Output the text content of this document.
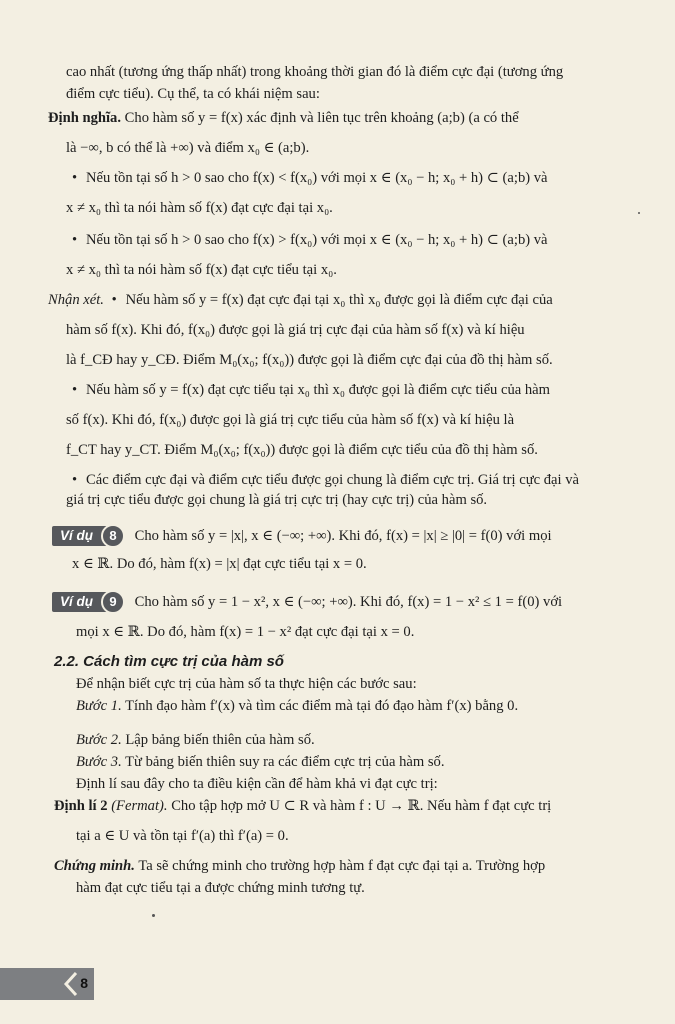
cao nhất (tương ứng thấp nhất) trong khoảng thời gian đó là điểm cực đại (tương ứng
điểm cực tiểu). Cụ thể, ta có khái niệm sau:
Định nghĩa. Cho hàm số y = f(x) xác định và liên tục trên khoảng (a;b) (a có thể
là −∞, b có thể là +∞) và điểm x₀ ∈ (a;b).
• Nếu tồn tại số h > 0 sao cho f(x) < f(x₀) với mọi x ∈ (x₀ − h; x₀ + h) ⊂ (a;b) và
x ≠ x₀ thì ta nói hàm số f(x) đạt cực đại tại x₀.
• Nếu tồn tại số h > 0 sao cho f(x) > f(x₀) với mọi x ∈ (x₀ − h; x₀ + h) ⊂ (a;b) và
x ≠ x₀ thì ta nói hàm số f(x) đạt cực tiểu tại x₀.
Nhận xét. • Nếu hàm số y = f(x) đạt cực đại tại x₀ thì x₀ được gọi là điểm cực đại của
hàm số f(x). Khi đó, f(x₀) được gọi là giá trị cực đại của hàm số f(x) và kí hiệu
là f_CĐ hay y_CĐ. Điểm M₀(x₀; f(x₀)) được gọi là điểm cực đại của đồ thị hàm số.
• Nếu hàm số y = f(x) đạt cực tiểu tại x₀ thì x₀ được gọi là điểm cực tiểu của hàm
số f(x). Khi đó, f(x₀) được gọi là giá trị cực tiểu của hàm số f(x) và kí hiệu là
f_CT hay y_CT. Điểm M₀(x₀; f(x₀)) được gọi là điểm cực tiểu của đồ thị hàm số.
• Các điểm cực đại và điểm cực tiểu được gọi chung là điểm cực trị. Giá trị cực đại và
giá trị cực tiểu được gọi chung là giá trị cực trị (hay cực trị) của hàm số.
Ví dụ	8	Cho hàm số y = |x|, x ∈ (−∞; +∞). Khi đó, f(x) = |x| ≥ |0| = f(0) với mọi
x ∈ ℝ. Do đó, hàm f(x) = |x| đạt cực tiểu tại x = 0.
Ví dụ	9	Cho hàm số y = 1 − x², x ∈ (−∞; +∞). Khi đó, f(x) = 1 − x² ≤ 1 = f(0) với
mọi x ∈ ℝ. Do đó, hàm f(x) = 1 − x² đạt cực đại tại x = 0.
2.2. Cách tìm cực trị của hàm số
Để nhận biết cực trị của hàm số ta thực hiện các bước sau:
Bước 1. Tính đạo hàm f′(x) và tìm các điểm mà tại đó đạo hàm f′(x) bằng 0.
Bước 2. Lập bảng biến thiên của hàm số.
Bước 3. Từ bảng biến thiên suy ra các điểm cực trị của hàm số.
Định lí sau đây cho ta điều kiện cần để hàm khả vi đạt cực trị:
Định lí 2 (Fermat). Cho tập hợp mở U ⊂ R và hàm f : U → ℝ. Nếu hàm f đạt cực trị
tại a ∈ U và tồn tại f′(a) thì f′(a) = 0.
Chứng minh. Ta sẽ chứng minh cho trường hợp hàm f đạt cực đại tại a. Trường hợp
hàm đạt cực tiểu tại a được chứng minh tương tự.
8
